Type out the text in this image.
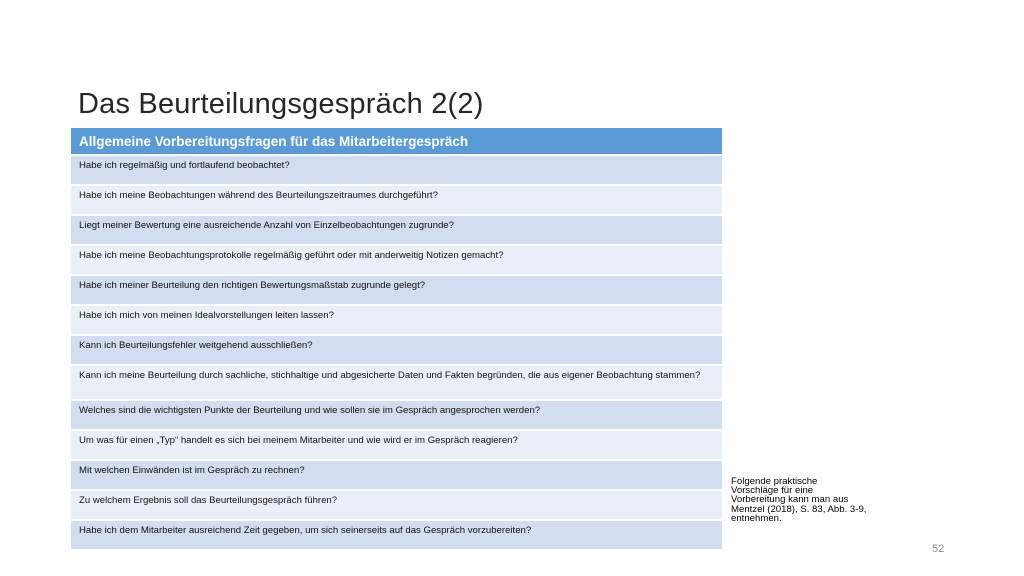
Das Beurteilungsgespräch 2(2)
Allgemeine Vorbereitungsfragen für das Mitarbeitergespräch
Habe ich regelmäßig und fortlaufend beobachtet?
Habe ich meine Beobachtungen während des Beurteilungszeitraumes durchgeführt?
Liegt meiner Bewertung eine ausreichende Anzahl von Einzelbeobachtungen zugrunde?
Habe ich meine Beobachtungsprotokolle regelmäßig geführt oder mit anderweitig Notizen gemacht?
Habe ich meiner Beurteilung den richtigen Bewertungsmaßstab zugrunde gelegt?
Habe ich mich von meinen Idealvorstellungen leiten lassen?
Kann ich Beurteilungsfehler weitgehend ausschließen?
Kann ich meine Beurteilung durch sachliche, stichhaltige und abgesicherte Daten und Fakten begründen, die aus eigener Beobachtung stammen?
Welches sind die wichtigsten Punkte der Beurteilung und wie sollen sie im Gespräch angesprochen werden?
Um was für einen „Typ“ handelt es sich bei meinem Mitarbeiter und wie wird er im Gespräch reagieren?
Mit welchen Einwänden ist im Gespräch zu rechnen?
Zu welchem Ergebnis soll das Beurteilungsgespräch führen?
Habe ich dem Mitarbeiter ausreichend Zeit gegeben, um sich seinerseits auf das Gespräch vorzubereiten?
Folgende praktische
Vorschläge für eine
Vorbereitung kann man aus
Mentzel (2018), S. 83, Abb. 3-9,
entnehmen.
52
